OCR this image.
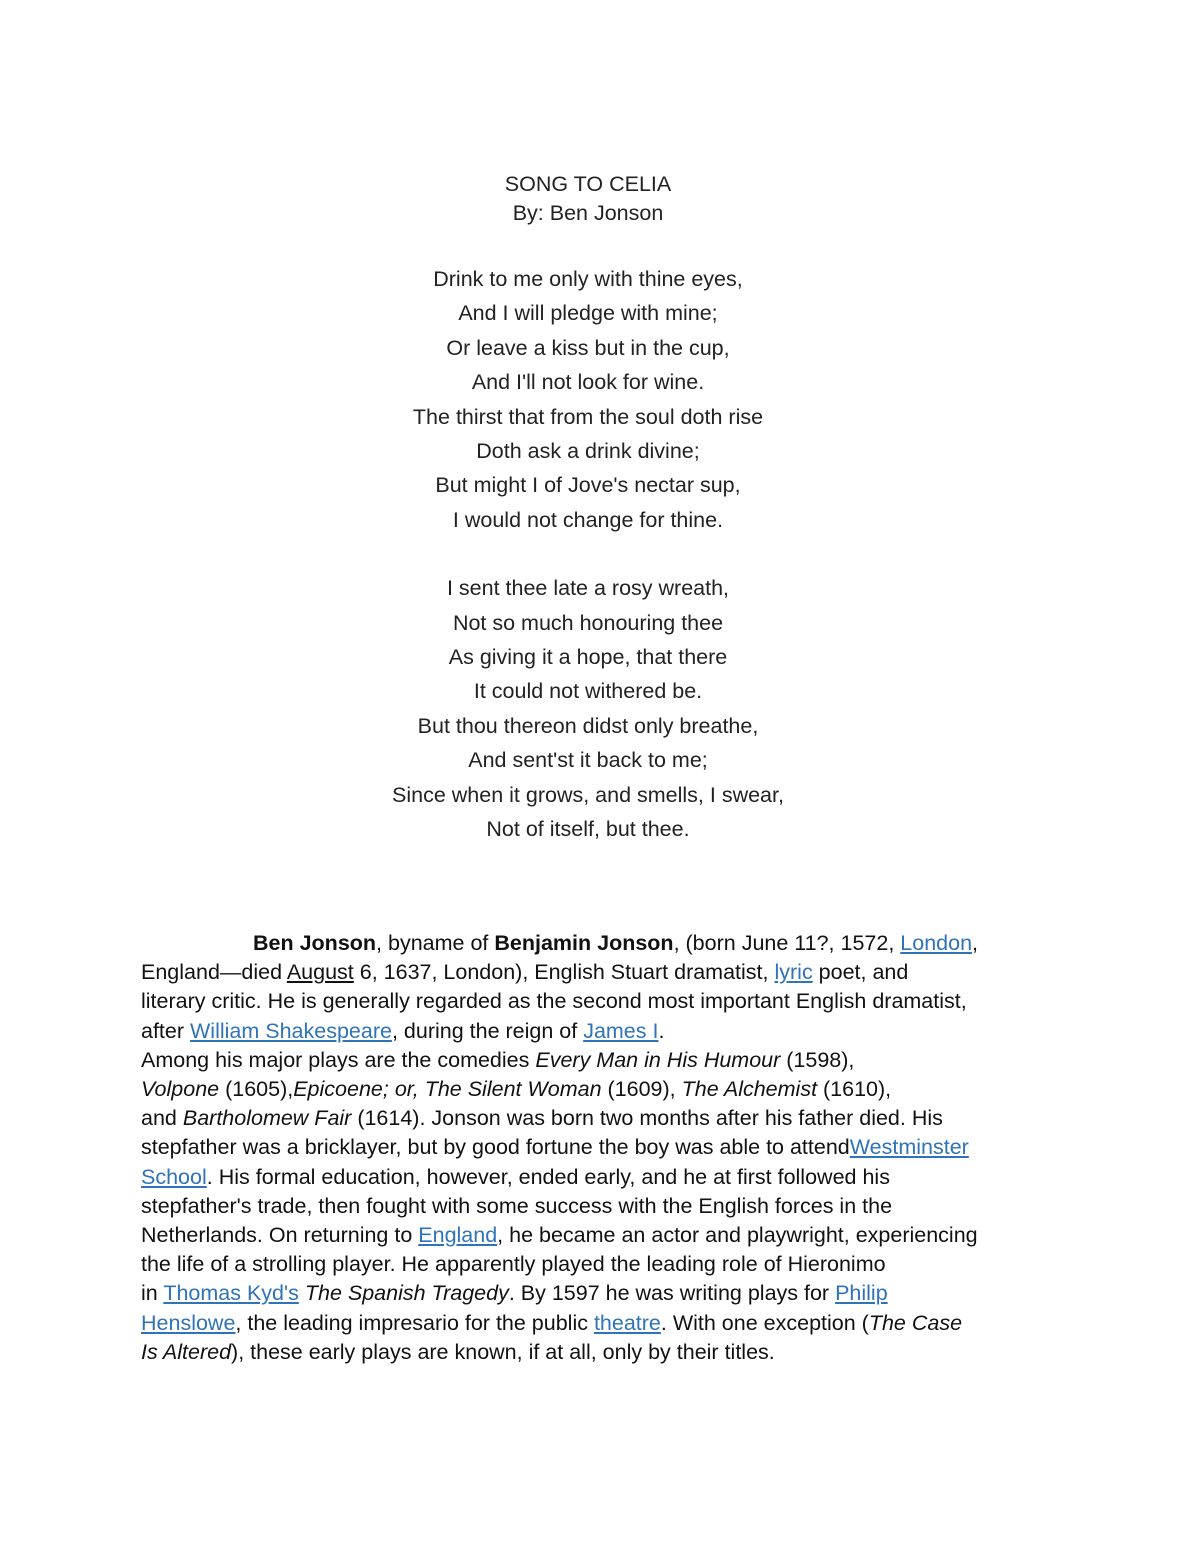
SONG TO CELIA
By: Ben Jonson
Drink to me only with thine eyes,
And I will pledge with mine;
Or leave a kiss but in the cup,
And I'll not look for wine.
The thirst that from the soul doth rise
Doth ask a drink divine;
But might I of Jove's nectar sup,
I would not change for thine.
I sent thee late a rosy wreath,
Not so much honouring thee
As giving it a hope, that there
It could not withered be.
But thou thereon didst only breathe,
And sent'st it back to me;
Since when it grows, and smells, I swear,
Not of itself, but thee.
Ben Jonson, byname of Benjamin Jonson, (born June 11?, 1572, London,
England—died August 6, 1637, London), English Stuart dramatist, lyric poet, and
literary critic. He is generally regarded as the second most important English dramatist,
after William Shakespeare, during the reign of James I.
Among his major plays are the comedies Every Man in His Humour (1598),
Volpone (1605),Epicoene; or, The Silent Woman (1609), The Alchemist (1610),
and Bartholomew Fair (1614). Jonson was born two months after his father died. His
stepfather was a bricklayer, but by good fortune the boy was able to attendWestminster
School. His formal education, however, ended early, and he at first followed his
stepfather's trade, then fought with some success with the English forces in the
Netherlands. On returning to England, he became an actor and playwright, experiencing
the life of a strolling player. He apparently played the leading role of Hieronimo
in Thomas Kyd's The Spanish Tragedy. By 1597 he was writing plays for Philip
Henslowe, the leading impresario for the public theatre. With one exception (The Case
Is Altered), these early plays are known, if at all, only by their titles.
